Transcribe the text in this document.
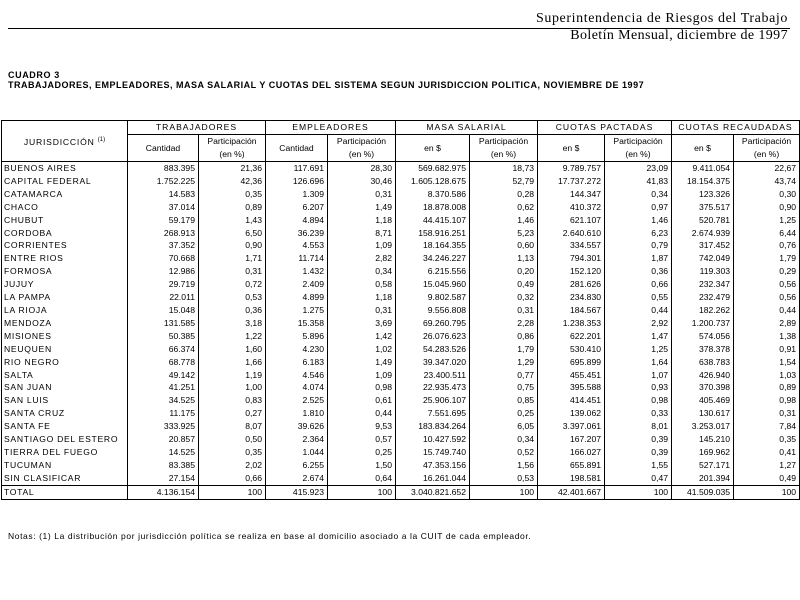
Superintendencia de Riesgos del Trabajo
Boletín Mensual, diciembre de 1997
CUADRO 3
TRABAJADORES, EMPLEADORES, MASA SALARIAL Y CUOTAS DEL SISTEMA SEGUN JURISDICCION POLITICA, NOVIEMBRE DE 1997
JURISDICCIÓN $^{(1)}$	TRABAJADORES		EMPLEADORES		MASA SALARIAL		CUOTAS PACTADAS		CUOTAS RECAUDADAS	
	Cantidad	Participación	Cantidad	Participación	en $	Participación	en $	Participación	en $	Participación
		(en %)		(en %)		(en %)		(en %)		(en %)
BUENOS AIRES	883.395	21,36	117.691	28,30	569.682.975	18,73	9.789.757	23,09	9.411.054	22,67
CAPITAL FEDERAL	1.752.225	42,36	126.696	30,46	1.605.128.675	52,79	17.737.272	41,83	18.154.375	43,74
CATAMARCA	14.583	0,35	1.309	0,31	8.370.586	0,28	144.347	0,34	123.326	0,30
CHACO	37.014	0,89	6.207	1,49	18.878.008	0,62	410.372	0,97	375.517	0,90
CHUBUT	59.179	1,43	4.894	1,18	44.415.107	1,46	621.107	1,46	520.781	1,25
CORDOBA	268.913	6,50	36.239	8,71	158.916.251	5,23	2.640.610	6,23	2.674.939	6,44
CORRIENTES	37.352	0,90	4.553	1,09	18.164.355	0,60	334.557	0,79	317.452	0,76
ENTRE RIOS	70.668	1,71	11.714	2,82	34.246.227	1,13	794.301	1,87	742.049	1,79
FORMOSA	12.986	0,31	1.432	0,34	6.215.556	0,20	152.120	0,36	119.303	0,29
JUJUY	29.719	0,72	2.409	0,58	15.045.960	0,49	281.626	0,66	232.347	0,56
LA PAMPA	22.011	0,53	4.899	1,18	9.802.587	0,32	234.830	0,55	232.479	0,56
LA RIOJA	15.048	0,36	1.275	0,31	9.556.808	0,31	184.567	0,44	182.262	0,44
MENDOZA	131.585	3,18	15.358	3,69	69.260.795	2,28	1.238.353	2,92	1.200.737	2,89
MISIONES	50.385	1,22	5.896	1,42	26.076.623	0,86	622.201	1,47	574.056	1,38
NEUQUEN	66.374	1,60	4.230	1,02	54.283.526	1,79	530.410	1,25	378.378	0,91
RIO NEGRO	68.778	1,66	6.183	1,49	39.347.020	1,29	695.899	1,64	638.783	1,54
SALTA	49.142	1,19	4.546	1,09	23.400.511	0,77	455.451	1,07	426.940	1,03
SAN JUAN	41.251	1,00	4.074	0,98	22.935.473	0,75	395.588	0,93	370.398	0,89
SAN LUIS	34.525	0,83	2.525	0,61	25.906.107	0,85	414.451	0,98	405.469	0,98
SANTA CRUZ	11.175	0,27	1.810	0,44	7.551.695	0,25	139.062	0,33	130.617	0,31
SANTA FE	333.925	8,07	39.626	9,53	183.834.264	6,05	3.397.061	8,01	3.253.017	7,84
SANTIAGO DEL ESTERO	20.857	0,50	2.364	0,57	10.427.592	0,34	167.207	0,39	145.210	0,35
TIERRA DEL FUEGO	14.525	0,35	1.044	0,25	15.749.740	0,52	166.027	0,39	169.962	0,41
TUCUMAN	83.385	2,02	6.255	1,50	47.353.156	1,56	655.891	1,55	527.171	1,27
SIN CLASIFICAR	27.154	0,66	2.674	0,64	16.261.044	0,53	198.581	0,47	201.394	0,49
TOTAL	4.136.154	100	415.923	100	3.040.821.652	100	42.401.667	100	41.509.035	100
Notas: (1) La distribución por jurisdicción política se realiza en base al domicilio asociado a la CUIT de cada empleador.
